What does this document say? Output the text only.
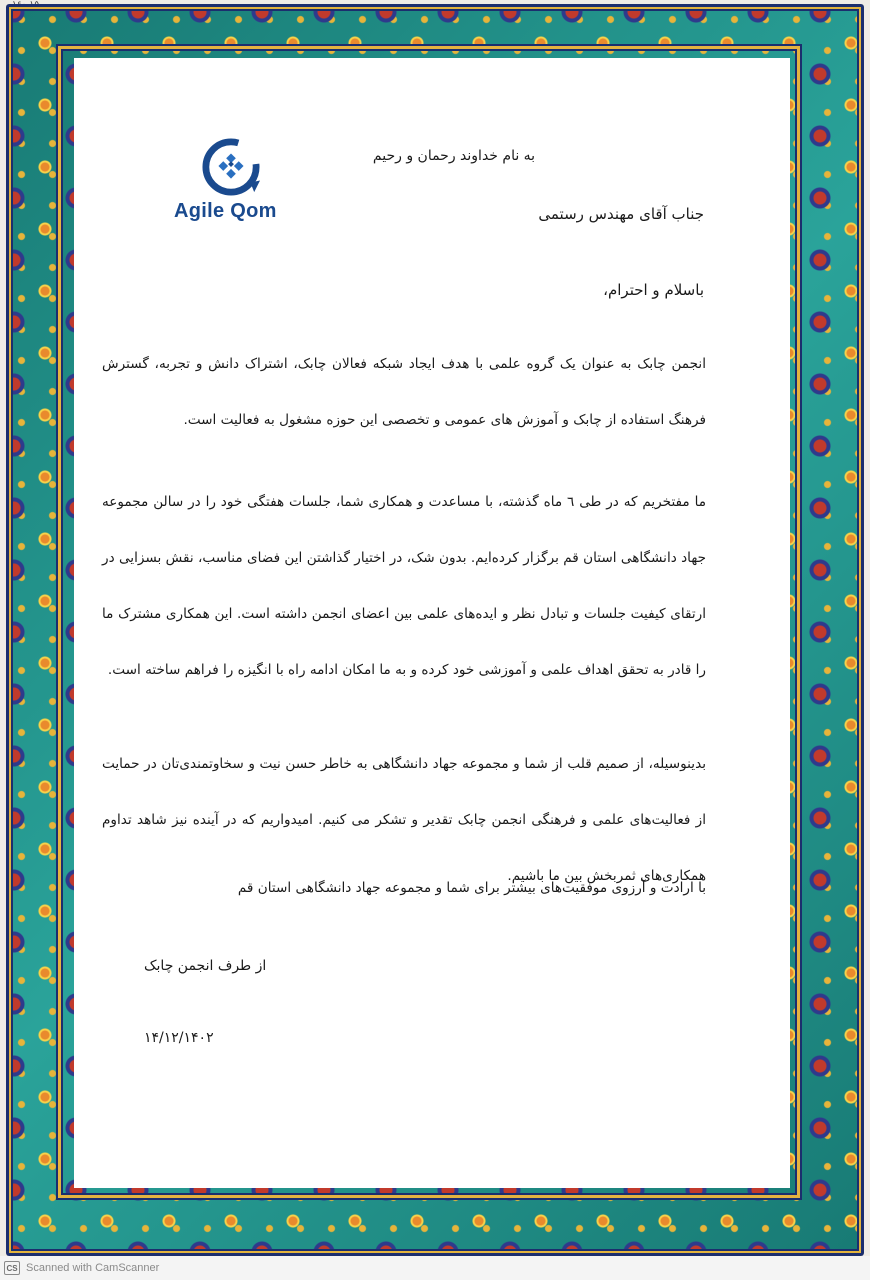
Agile Qom
به نام خداوند رحمان و رحیم
جناب آقای مهندس رستمی
باسلام و احترام،
انجمن چابک به عنوان یک گروه علمی با هدف ایجاد شبکه فعالان چابک، اشتراک دانش و تجربه، گسترش فرهنگ استفاده از چابک و آموزش های عمومی و تخصصی این حوزه مشغول به فعالیت است.
ما مفتخریم که در طی ٦ ماه گذشته، با مساعدت و همکاری شما، جلسات هفتگی خود را در سالن مجموعه جهاد دانشگاهی استان قم برگزار کرده‌ایم. بدون شک، در اختیار گذاشتن این فضای مناسب، نقش بسزایی در ارتقای کیفیت جلسات و تبادل نظر و ایده‌های علمی بین اعضای انجمن داشته است. این همکاری مشترک ما را قادر به تحقق اهداف علمی و آموزشی خود کرده و به ما امکان ادامه راه با انگیزه را فراهم ساخته است.
بدینوسیله، از صمیم قلب از شما و مجموعه جهاد دانشگاهی به خاطر حسن نیت و سخاوتمندی‌تان در حمایت از فعالیت‌های علمی و فرهنگی انجمن چابک تقدیر و تشکر می کنیم. امیدواریم که در آینده نیز شاهد تداوم همکاری‌های ثمربخش بین ما باشیم.
با ارادت و آرزوی موفقیت‌های بیشتر برای شما و مجموعه جهاد دانشگاهی استان قم
از طرف انجمن چابک
۱۴/۱۲/۱۴۰۲
CS Scanned with CamScanner
